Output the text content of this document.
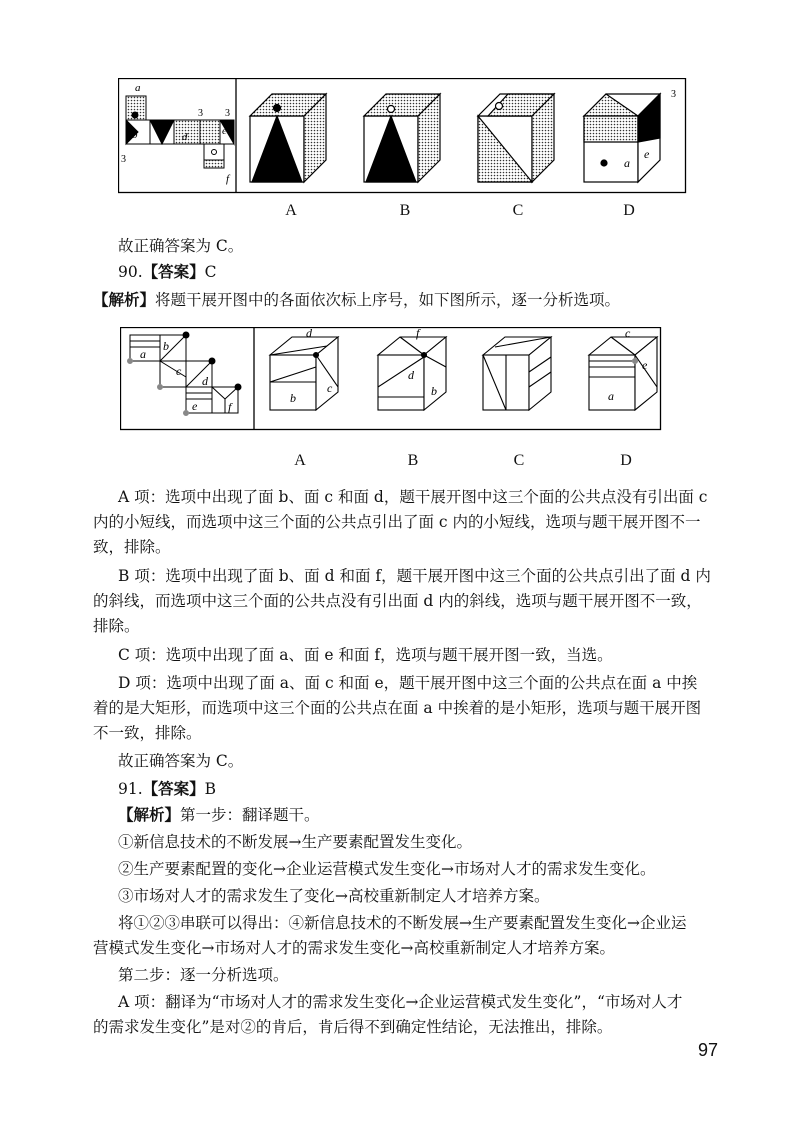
a
b	d	e
f
3
3 3
a
e
3
A	B	C	D
故正确答案为 C。
90.【答案】C
【解析】将题干展开图中的各面依次标上序号，如下图所示，逐一分析选项。
a
b
c
d
e	f
d
c
b
f
d
b
c
e
a
A	B	C	D
A 项：选项中出现了面 b、面 c 和面 d，题干展开图中这三个面的公共点没有引出面 c
内的小短线，而选项中这三个面的公共点引出了面 c 内的小短线，选项与题干展开图不一
致，排除。
B 项：选项中出现了面 b、面 d 和面 f，题干展开图中这三个面的公共点引出了面 d 内
的斜线，而选项中这三个面的公共点没有引出面 d 内的斜线，选项与题干展开图不一致，
排除。
C 项：选项中出现了面 a、面 e 和面 f，选项与题干展开图一致，当选。
D 项：选项中出现了面 a、面 c 和面 e，题干展开图中这三个面的公共点在面 a 中挨
着的是大矩形，而选项中这三个面的公共点在面 a 中挨着的是小矩形，选项与题干展开图
不一致，排除。
故正确答案为 C。
91.【答案】B
【解析】第一步：翻译题干。
①新信息技术的不断发展→生产要素配置发生变化。
②生产要素配置的变化→企业运营模式发生变化→市场对人才的需求发生变化。
③市场对人才的需求发生了变化→高校重新制定人才培养方案。
将①②③串联可以得出：④新信息技术的不断发展→生产要素配置发生变化→企业运
营模式发生变化→市场对人才的需求发生变化→高校重新制定人才培养方案。
第二步：逐一分析选项。
A 项：翻译为“市场对人才的需求发生变化→企业运营模式发生变化”，“市场对人才
的需求发生变化”是对②的肯后，肯后得不到确定性结论，无法推出，排除。
97
